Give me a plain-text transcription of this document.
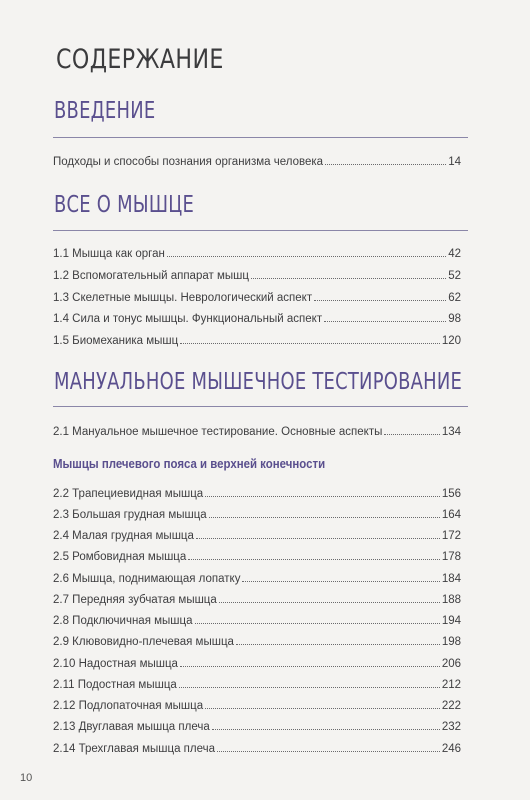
СОДЕРЖАНИЕ
ВВЕДЕНИЕ
Подходы и способы познания организма человека	14
ВСЕ О МЫШЦЕ
1.1 Мышца как орган	42
1.2 Вспомогательный аппарат мышц	52
1.3 Скелетные мышцы. Неврологический аспект	62
1.4 Сила и тонус мышцы. Функциональный аспект	98
1.5 Биомеханика мышц	120
МАНУАЛЬНОЕ МЫШЕЧНОЕ ТЕСТИРОВАНИЕ
2.1 Мануальное мышечное тестирование. Основные аспекты	134
Мышцы плечевого пояса и верхней конечности
2.2 Трапециевидная мышца	156
2.3 Большая грудная мышца	164
2.4 Малая грудная мышца	172
2.5 Ромбовидная мышца	178
2.6 Мышца, поднимающая лопатку	184
2.7 Передняя зубчатая мышца	188
2.8 Подключичная мышца	194
2.9 Клювовидно-плечевая мышца	198
2.10 Надостная мышца	206
2.11 Подостная мышца	212
2.12 Подлопаточная мышца	222
2.13 Двуглавая мышца плеча	232
2.14 Трехглавая мышца плеча	246
10
